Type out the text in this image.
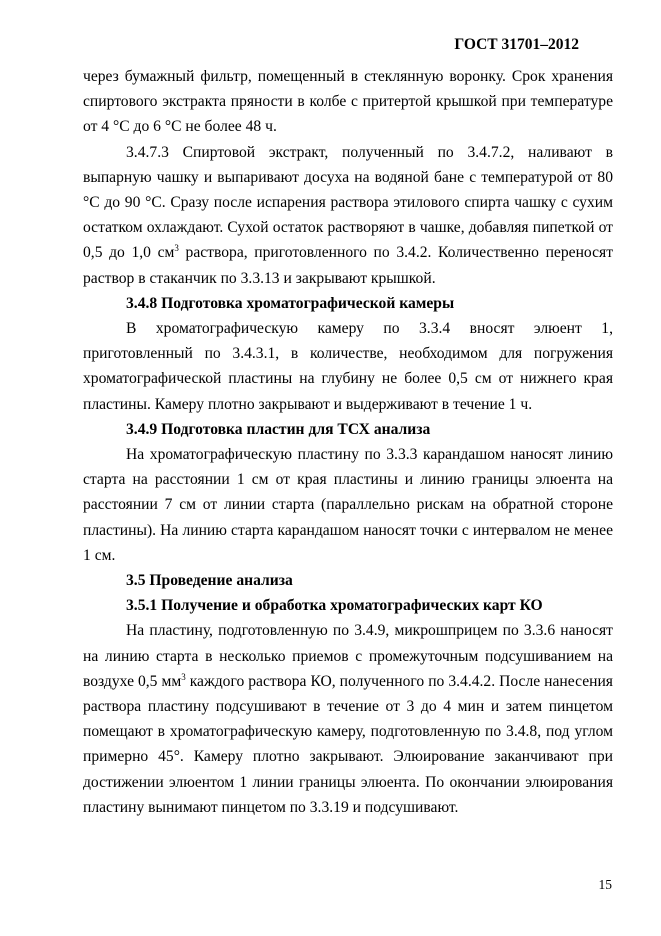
ГОСТ 31701–2012

через бумажный фильтр, помещенный в стеклянную воронку. Срок хранения спиртового экстракта пряности в колбе с притертой крышкой при температуре от 4 °С до 6 °С не более 48 ч.

3.4.7.3 Спиртовой экстракт, полученный по 3.4.7.2, наливают в выпарную чашку и выпаривают досуха на водяной бане с температурой от 80 °С до 90 °С. Сразу после испарения раствора этилового спирта чашку с сухим остатком охлаждают. Сухой остаток растворяют в чашке, добавляя пипеткой от 0,5 до 1,0 $см^3$ раствора, приготовленного по 3.4.2. Количественно переносят раствор в стаканчик по 3.3.13 и закрывают крышкой.

3.4.8 Подготовка хроматографической камеры

В хроматографическую камеру по 3.3.4 вносят элюент 1, приготовленный по 3.4.3.1, в количестве, необходимом для погружения хроматографической пластины на глубину не более 0,5 см от нижнего края пластины. Камеру плотно закрывают и выдерживают в течение 1 ч.

3.4.9 Подготовка пластин для ТСХ анализа

На хроматографическую пластину по 3.3.3 карандашом наносят линию старта на расстоянии 1 см от края пластины и линию границы элюента на расстоянии 7 см от линии старта (параллельно рискам на обратной стороне пластины). На линию старта карандашом наносят точки с интервалом не менее 1 см.

3.5 Проведение анализа

3.5.1 Получение и обработка хроматографических карт КО

На пластину, подготовленную по 3.4.9, микрошприцем по 3.3.6 наносят на линию старта в несколько приемов с промежуточным подсушиванием на воздухе 0,5 $мм^3$ каждого раствора КО, полученного по 3.4.4.2. После нанесения раствора пластину подсушивают в течение от 3 до 4 мин и затем пинцетом помещают в хроматографическую камеру, подготовленную по 3.4.8, под углом примерно 45°. Камеру плотно закрывают. Элюирование заканчивают при достижении элюентом 1 линии границы элюента. По окончании элюирования пластину вынимают пинцетом по 3.3.19 и подсушивают.

15
